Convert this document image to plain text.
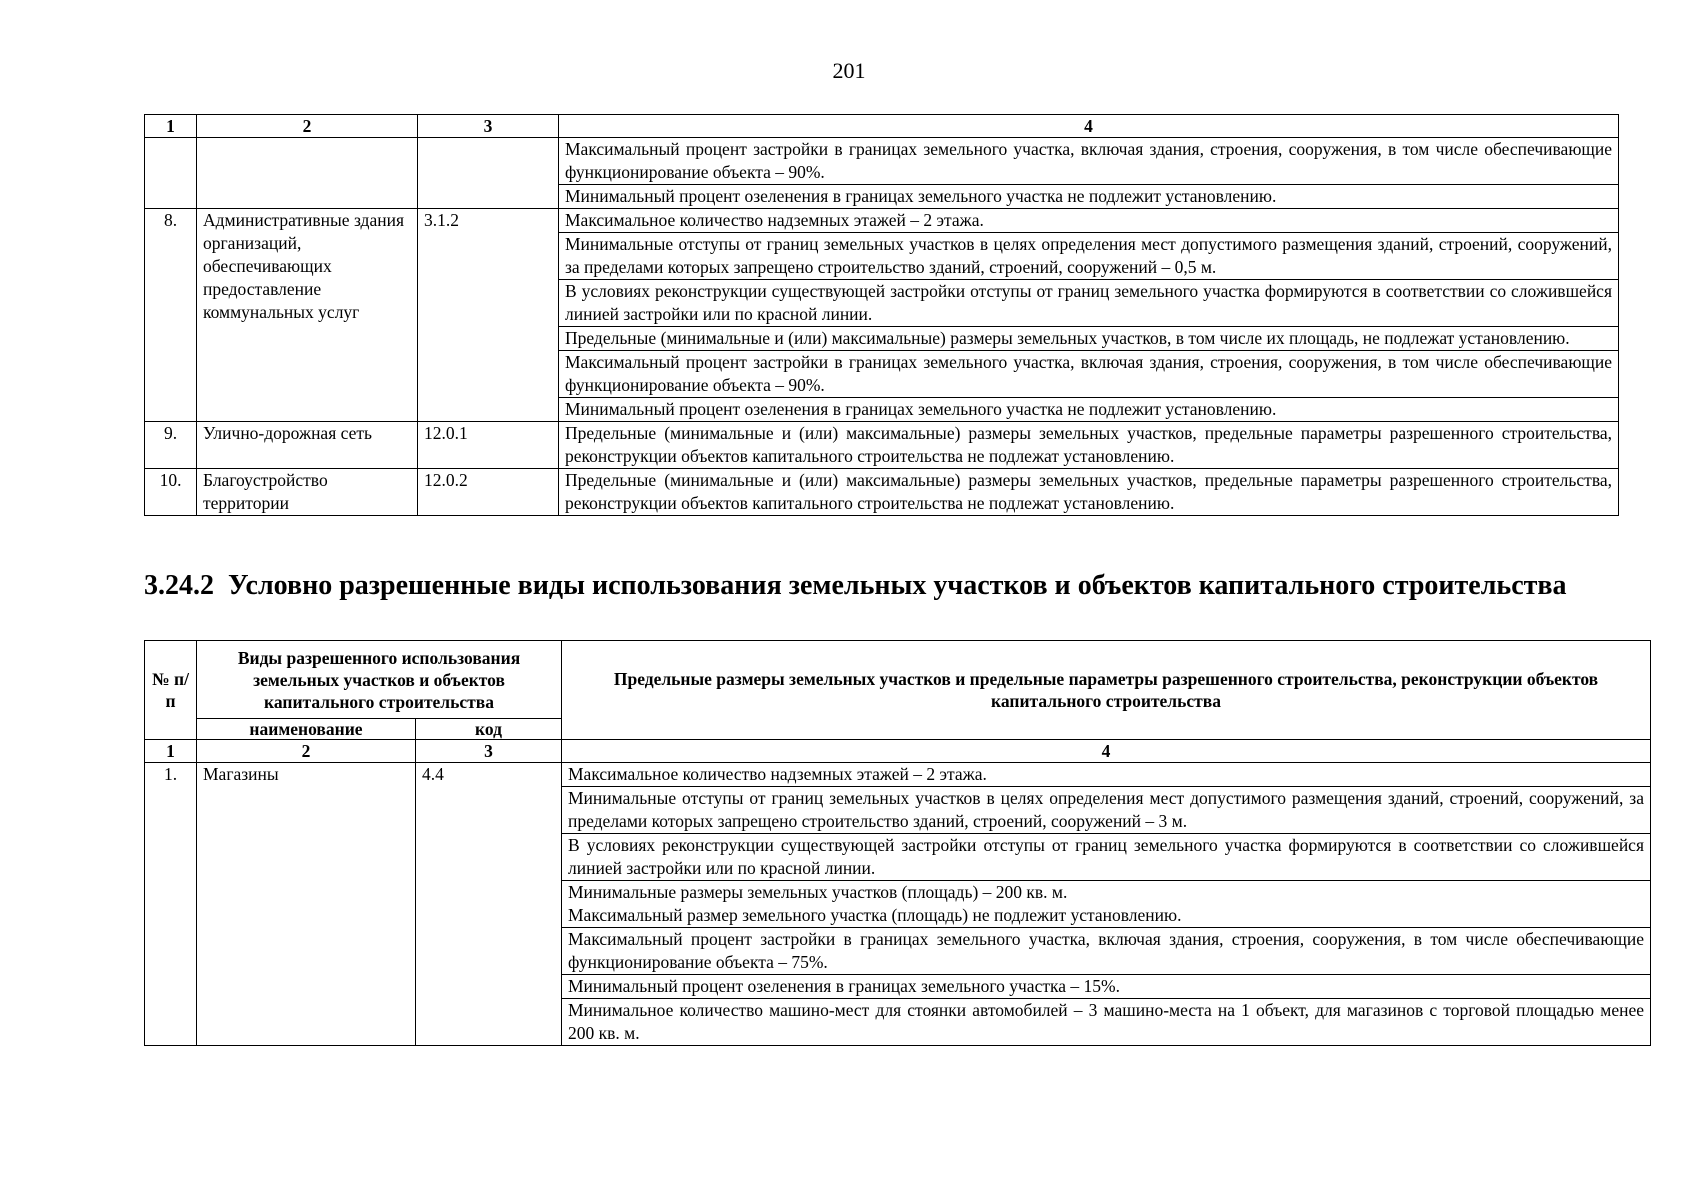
201
1	2	3	4
			Максимальный процент застройки в границах земельного участка, включая здания, строения, сооружения, в том числе обеспечивающие функционирование объекта – 90%.
			Минимальный процент озеленения в границах земельного участка не подлежит установлению.
8.	Административные здания организаций, обеспечивающих предоставление коммунальных услуг	3.1.2	Максимальное количество надземных этажей – 2 этажа.
			Минимальные отступы от границ земельных участков в целях определения мест допустимого размещения зданий, строений, сооружений, за пределами которых запрещено строительство зданий, строений, сооружений – 0,5 м.
			В условиях реконструкции существующей застройки отступы от границ земельного участка формируются в соответствии со сложившейся линией застройки или по красной линии.
			Предельные (минимальные и (или) максимальные) размеры земельных участков, в том числе их площадь, не подлежат установлению.
			Максимальный процент застройки в границах земельного участка, включая здания, строения, сооружения, в том числе обеспечивающие функционирование объекта – 90%.
			Минимальный процент озеленения в границах земельного участка не подлежит установлению.
9.	Улично-дорожная сеть	12.0.1	Предельные (минимальные и (или) максимальные) размеры земельных участков, предельные параметры разрешенного строительства, реконструкции объектов капитального строительства не подлежат установлению.
10.	Благоустройство территории	12.0.2	Предельные (минимальные и (или) максимальные) размеры земельных участков, предельные параметры разрешенного строительства, реконструкции объектов капитального строительства не подлежат установлению.
3.24.2 Условно разрешенные виды использования земельных участков и объектов капитального строительства
№ п/п	Виды разрешенного использования земельных участков и объектов капитального строительства		Предельные размеры земельных участков и предельные параметры разрешенного строительства, реконструкции объектов капитального строительства
	наименование	код	
1	2	3	4
1.	Магазины	4.4	Максимальное количество надземных этажей – 2 этажа.
			Минимальные отступы от границ земельных участков в целях определения мест допустимого размещения зданий, строений, сооружений, за пределами которых запрещено строительство зданий, строений, сооружений – 3 м.
			В условиях реконструкции существующей застройки отступы от границ земельного участка формируются в соответствии со сложившейся линией застройки или по красной линии.
			Минимальные размеры земельных участков (площадь) – 200 кв. м.
Максимальный размер земельного участка (площадь) не подлежит установлению.
			Максимальный процент застройки в границах земельного участка, включая здания, строения, сооружения, в том числе обеспечивающие функционирование объекта – 75%.
			Минимальный процент озеленения в границах земельного участка – 15%.
			Минимальное количество машино-мест для стоянки автомобилей – 3 машино-места на 1 объект, для магазинов с торговой площадью менее 200 кв. м.
